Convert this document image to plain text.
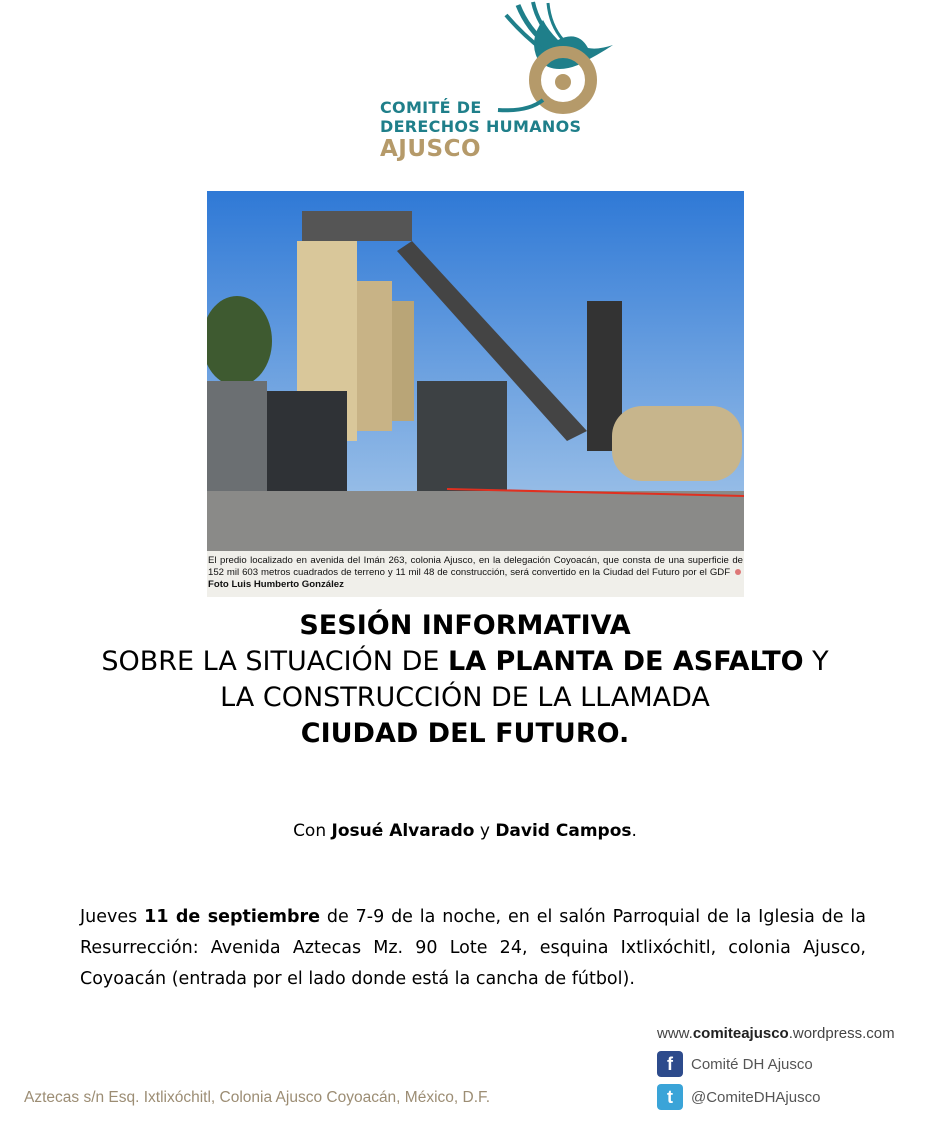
COMITÉ DE
DERECHOS HUMANOS
AJUSCO
El predio localizado en avenida del Imán 263, colonia Ajusco, en la delegación Coyoacán, que consta de una superficie de 152 mil 603 metros cuadrados de terreno y 11 mil 48 de construcción, será convertido en la Ciudad del Futuro por el GDF Foto Luis Humberto González
SESIÓN INFORMATIVA
SOBRE LA SITUACIÓN DE LA PLANTA DE ASFALTO Y
LA CONSTRUCCIÓN DE LA LLAMADA
CIUDAD DEL FUTURO.
Con Josué Alvarado y David Campos.
Jueves 11 de septiembre de 7-9 de la noche, en el salón Parroquial de la Iglesia de la Resurrección: Avenida Aztecas Mz. 90 Lote 24, esquina Ixtlixóchitl, colonia Ajusco, Coyoacán (entrada por el lado donde está la cancha de fútbol).
Aztecas s/n Esq. Ixtlixóchitl, Colonia Ajusco Coyoacán, México, D.F.
www.comiteajusco.wordpress.com
f	Comité DH Ajusco
t	@ComiteDHAjusco
